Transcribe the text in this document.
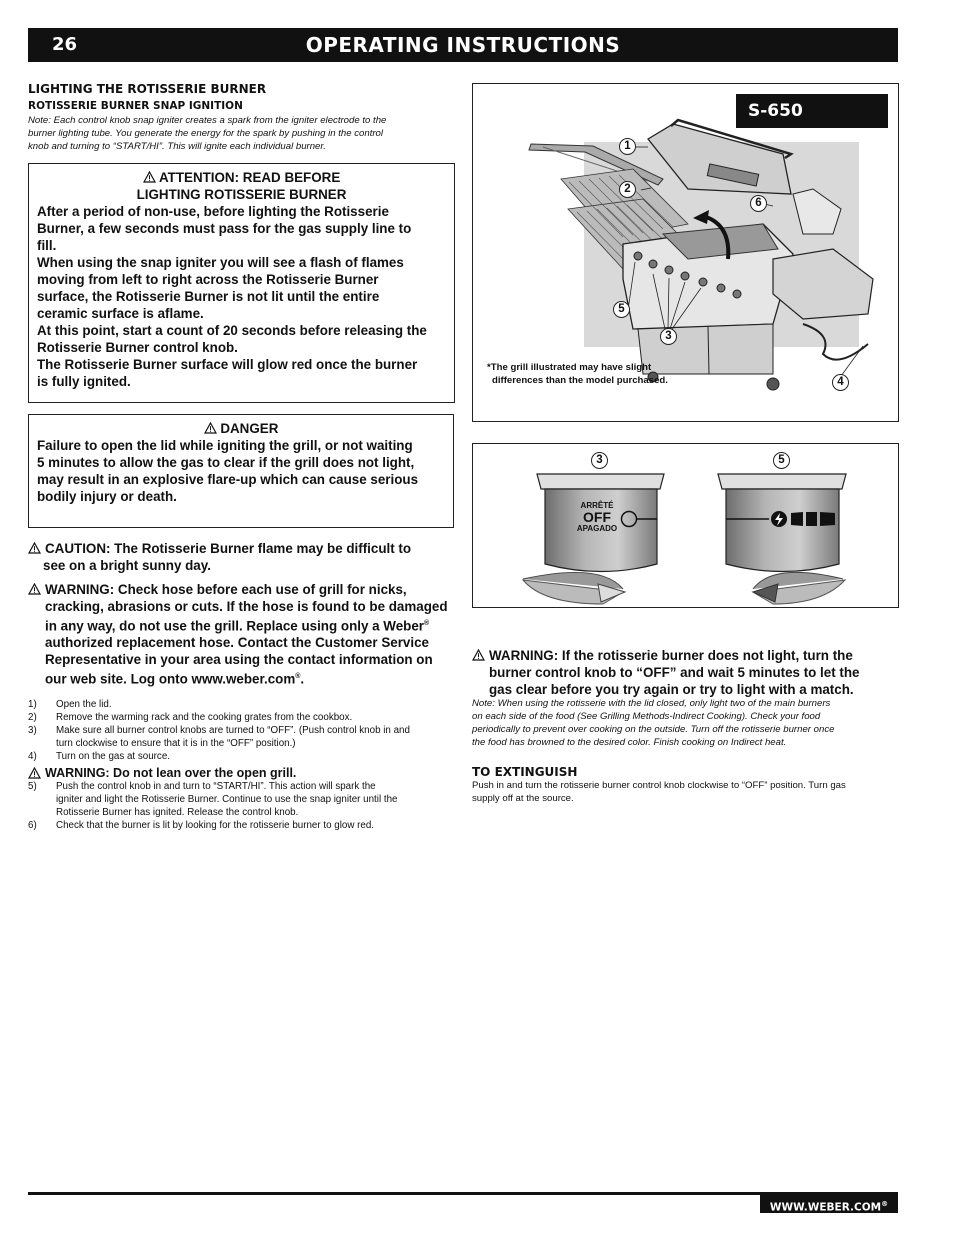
26	OPERATING INSTRUCTIONS
LIGHTING THE ROTISSERIE BURNER
ROTISSERIE BURNER SNAP IGNITION
Note: Each control knob snap igniter creates a spark from the igniter electrode to the
burner lighting tube. You generate the energy for the spark by pushing in the control
knob and turning to “START/HI”. This will ignite each individual burner.
ATTENTION: READ BEFORE
LIGHTING ROTISSERIE BURNER
After a period of non-use, before lighting the Rotisserie
Burner, a few seconds must pass for the gas supply line to
fill.
When using the snap igniter you will see a flash of flames
moving from left to right across the Rotisserie Burner
surface, the Rotisserie Burner is not lit until the entire
ceramic surface is aflame.
At this point, start a count of 20 seconds before releasing the
Rotisserie Burner control knob.
The Rotisserie Burner surface will glow red once the burner
is fully ignited.
DANGER
Failure to open the lid while igniting the grill, or not waiting
5 minutes to allow the gas to clear if the grill does not light,
may result in an explosive flare-up which can cause serious
bodily injury or death.
CAUTION: The Rotisserie Burner flame may be difficult to
see on a bright sunny day.
WARNING: Check hose before each use of grill for nicks,
cracking, abrasions or cuts. If the hose is found to be damaged
in any way, do not use the grill. Replace using only a Weber®
authorized replacement hose. Contact the Customer Service
Representative in your area using the contact information on
our web site. Log onto www.weber.com®.
1) Open the lid.
2) Remove the warming rack and the cooking grates from the cookbox.
3) Make sure all burner control knobs are turned to “OFF”. (Push control knob in and
turn clockwise to ensure that it is in the “OFF” position.)
4) Turn on the gas at source.
WARNING: Do not lean over the open grill.
5) Push the control knob in and turn to “START/HI”. This action will spark the
igniter and light the Rotisserie Burner. Continue to use the snap igniter until the
Rotisserie Burner has ignited. Release the control knob.
6) Check that the burner is lit by looking for the rotisserie burner to glow red.
S-650
1
2
3
4
5
6
*The grill illustrated may have slight
differences than the model purchased.
3	5
ARRÊTÉ
OFF
APAGADO
WARNING: If the rotisserie burner does not light, turn the
burner control knob to “OFF” and wait 5 minutes to let the
gas clear before you try again or try to light with a match.
Note: When using the rotisserie with the lid closed, only light two of the main burners
on each side of the food (See Grilling Methods-Indirect Cooking). Check your food
periodically to prevent over cooking on the outside. Turn off the rotisserie burner once
the food has browned to the desired color. Finish cooking on Indirect heat.
TO EXTINGUISH
Push in and turn the rotisserie burner control knob clockwise to “OFF” position. Turn gas
supply off at the source.
WWW.WEBER.COM®
